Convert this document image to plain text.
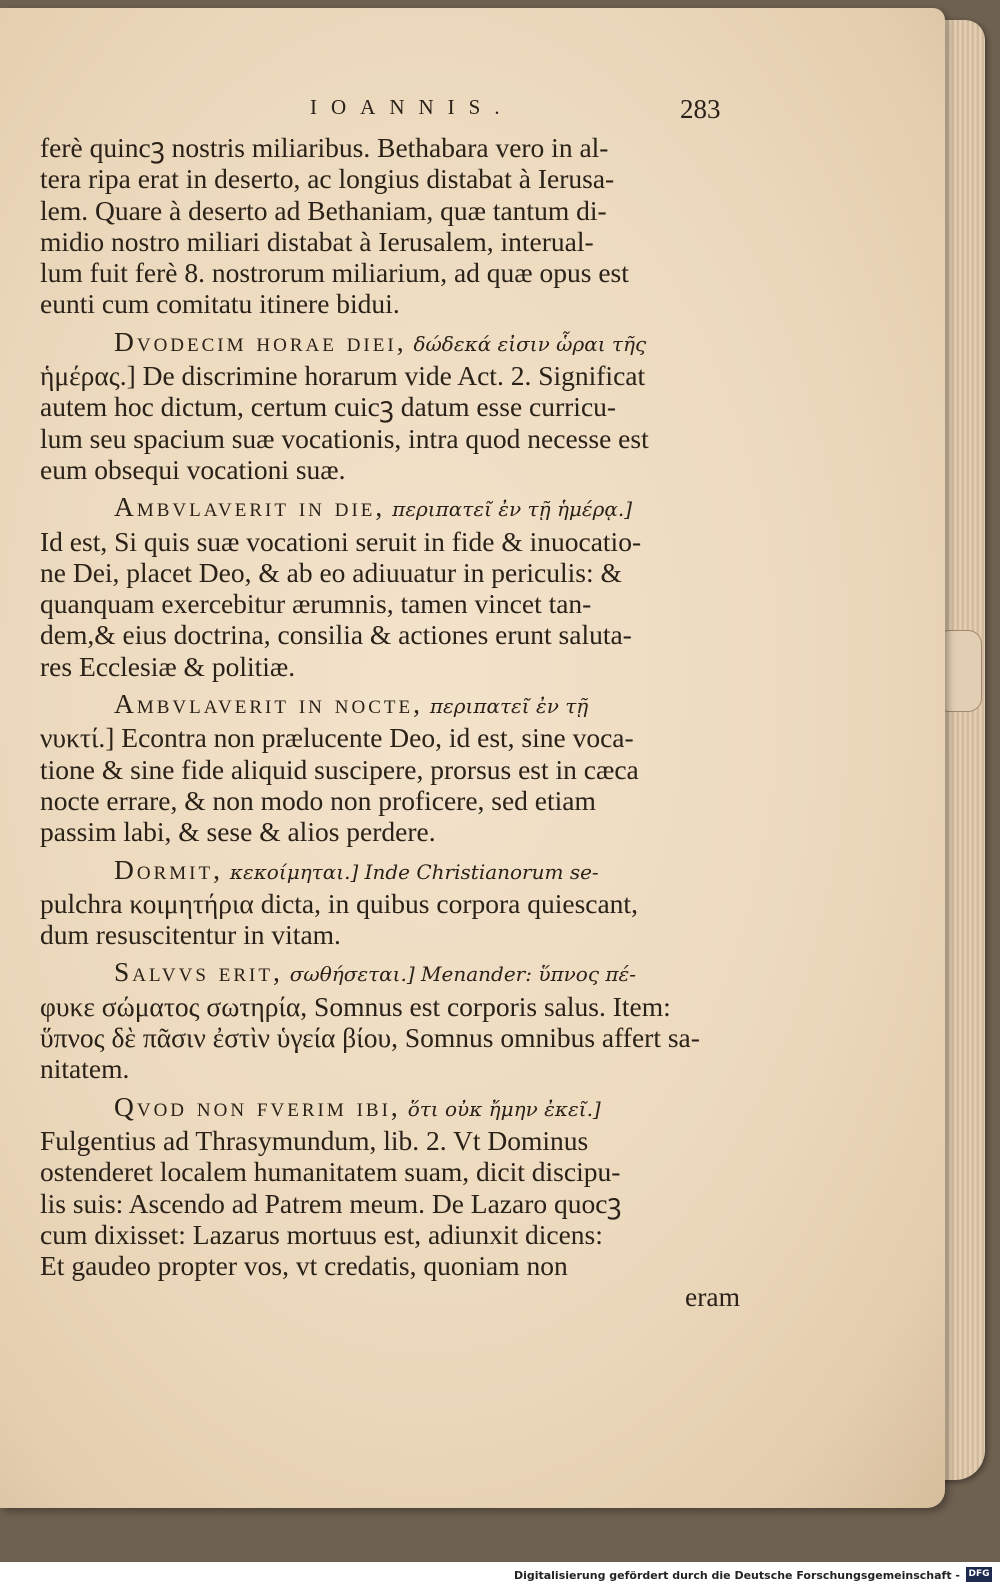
IOANNIS.	283
ferè quincꝫ nostris miliaribus. Bethabara vero in al-
tera ripa erat in deserto, ac longius distabat à Ierusa-
lem. Quare à deserto ad Bethaniam, quæ tantum di-
midio nostro miliari distabat à Ierusalem, interual-
lum fuit ferè 8. nostrorum miliarium, ad quæ opus est
eunti cum comitatu itinere bidui.
Dvodecim horae diei, δώδεκά εἰσιν ὧραι τῆς
ἡμέρας.] De discrimine horarum vide Act. 2. Significat
autem hoc dictum, certum cuicꝫ datum esse curricu-
lum seu spacium suæ vocationis, intra quod necesse est
eum obsequi vocationi suæ.
Ambvlaverit in die, περιπατεῖ ἐν τῇ ἡμέρᾳ.]
Id est, Si quis suæ vocationi seruit in fide & inuocatio-
ne Dei, placet Deo, & ab eo adiuuatur in periculis: &
quanquam exercebitur ærumnis, tamen vincet tan-
dem,& eius doctrina, consilia & actiones erunt saluta-
res Ecclesiæ & politiæ.
Ambvlaverit in nocte, περιπατεῖ ἐν τῇ
νυκτί.] Econtra non prælucente Deo, id est, sine voca-
tione & sine fide aliquid suscipere, prorsus est in cæca
nocte errare, & non modo non proficere, sed etiam
passim labi, & sese & alios perdere.
Dormit, κεκοίμηται.] Inde Christianorum se-
pulchra κοιμητήρια dicta, in quibus corpora quiescant,
dum resuscitentur in vitam.
Salvvs erit, σωθήσεται.] Menander: ὕπνος πέ-
φυκε σώματος σωτηρία, Somnus est corporis salus. Item:
ὕπνος δὲ πᾶσιν ἐστὶν ὑγεία βίου, Somnus omnibus affert sa-
nitatem.
Qvod non fverim ibi, ὅτι οὐκ ἤμην ἐκεῖ.]
Fulgentius ad Thrasymundum, lib. 2. Vt Dominus
ostenderet localem humanitatem suam, dicit discipu-
lis suis: Ascendo ad Patrem meum. De Lazaro quocꝫ
cum dixisset: Lazarus mortuus est, adiunxit dicens:
Et gaudeo propter vos, vt credatis, quoniam non
eram
Digitalisierung gefördert durch die Deutsche Forschungsgemeinschaft - DFG
